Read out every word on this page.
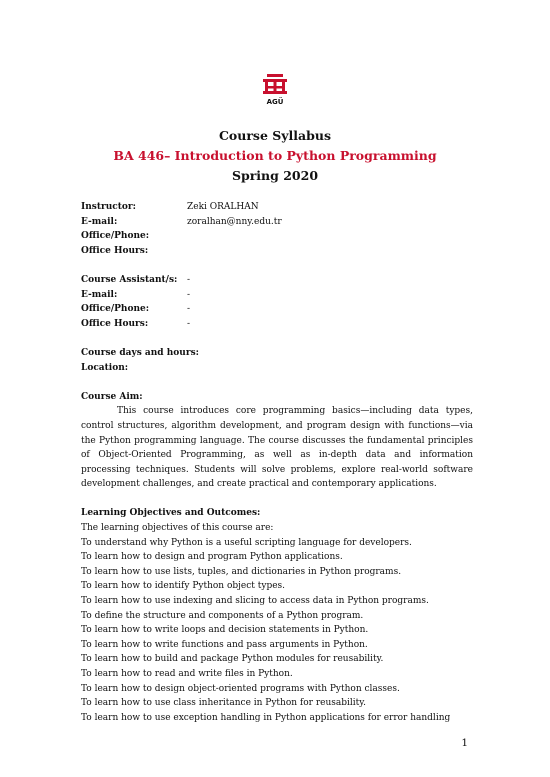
AGÜ
Course Syllabus
BA 446– Introduction to Python Programming
Spring 2020
Instructor:	Zeki ORALHAN
E-mail:	zoralhan@nny.edu.tr
Office/Phone:
Office Hours:
Course Assistant/s:	-
E-mail:	-
Office/Phone:	-
Office Hours:	-
Course days and hours:
Location:
Course Aim:

This course introduces core programming basics—including data types, control structures, algorithm development, and program design with functions—via the Python programming language. The course discusses the fundamental principles of Object-Oriented Programming, as well as in-depth data and information processing techniques. Students will solve problems, explore real-world software development challenges, and create practical and contemporary applications.

Learning Objectives and Outcomes:
The learning objectives of this course are:
To understand why Python is a useful scripting language for developers.
To learn how to design and program Python applications.
To learn how to use lists, tuples, and dictionaries in Python programs.
To learn how to identify Python object types.
To learn how to use indexing and slicing to access data in Python programs.
To define the structure and components of a Python program.
To learn how to write loops and decision statements in Python.
To learn how to write functions and pass arguments in Python.
To learn how to build and package Python modules for reusability.
To learn how to read and write files in Python.
To learn how to design object-oriented programs with Python classes.
To learn how to use class inheritance in Python for reusability.
To learn how to use exception handling in Python applications for error handling
1
